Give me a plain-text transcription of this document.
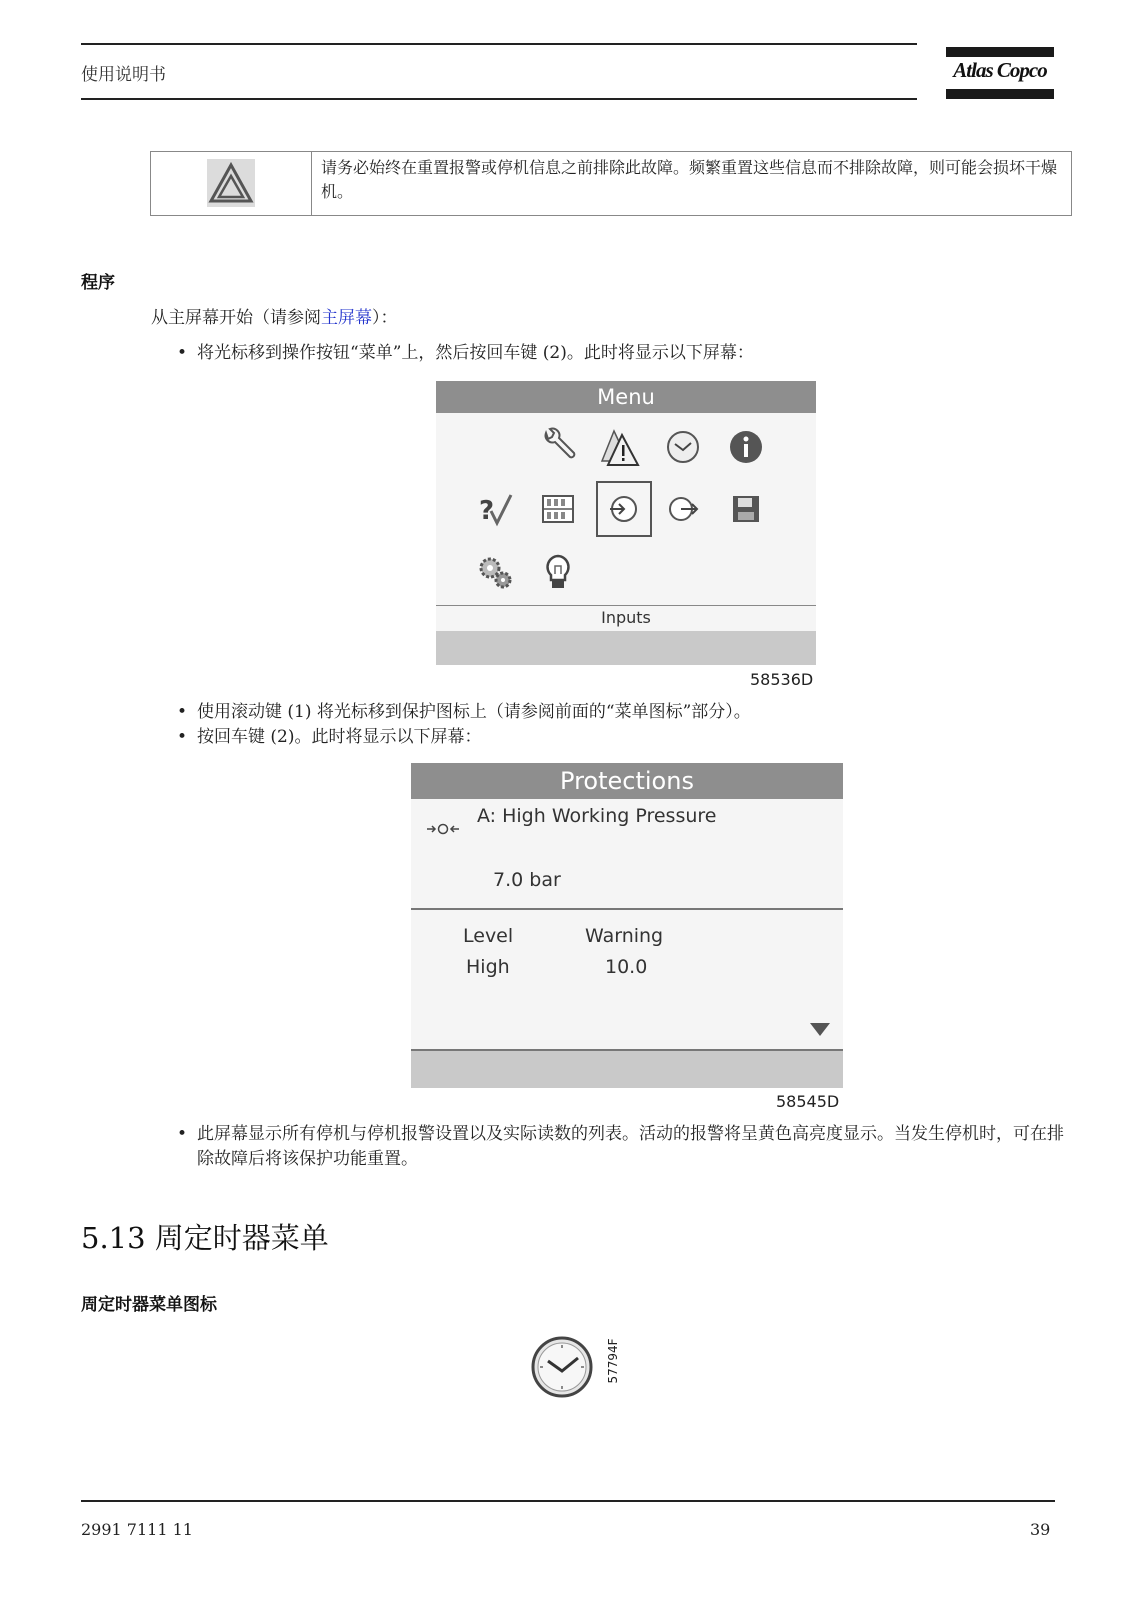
使用说明书	Atlas Copco
请务必始终在重置报警或停机信息之前排除此故障。频繁重置这些信息而不排除故障，则可能会损坏干燥机。
程序
从主屏幕开始（请参阅主屏幕）：
• 将光标移到操作按钮“菜单”上，然后按回车键 (2)。此时将显示以下屏幕：
Menu
?
Inputs
58536D
• 使用滚动键 (1) 将光标移到保护图标上（请参阅前面的“菜单图标”部分）。
• 按回车键 (2)。此时将显示以下屏幕：
Protections
A: High Working Pressure
7.0 bar
Level	Warning
High	10.0
58545D
• 此屏幕显示所有停机与停机报警设置以及实际读数的列表。活动的报警将呈黄色高亮度显示。当发生停机时，可在排除故障后将该保护功能重置。
5.13 周定时器菜单
周定时器菜单图标
57794F
2991 7111 11	39
